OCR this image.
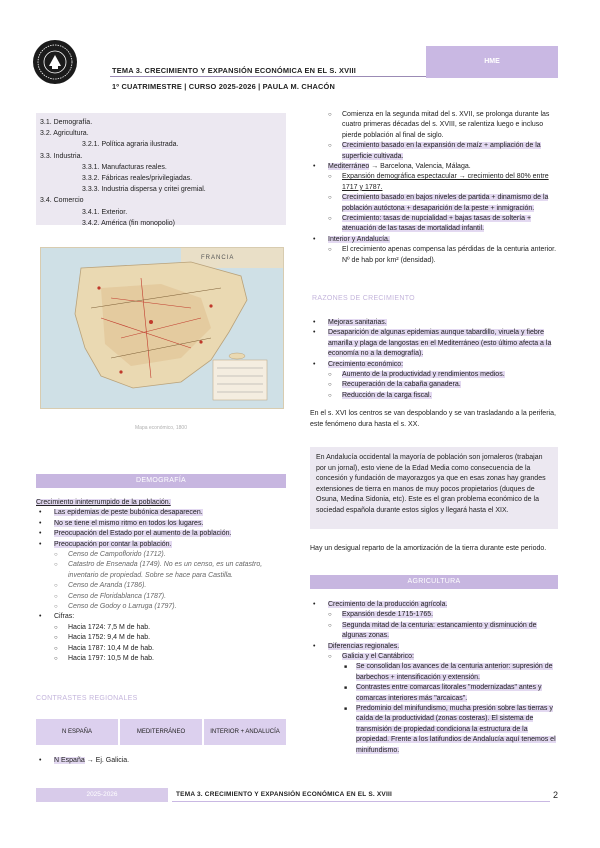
TEMA 3. CRECIMIENTO Y EXPANSIÓN ECONÓMICA EN EL S. XVIII
1º CUATRIMESTRE | CURSO 2025-2026 | PAULA M. CHACÓN
HME
3.1. Demografía.
3.2. Agricultura.
3.2.1. Política agraria ilustrada.
3.3. Industria.
3.3.1. Manufacturas reales.
3.3.2. Fábricas reales/privilegiadas.
3.3.3. Industria dispersa y critei gremial.
3.4. Comercio
3.4.1. Exterior.
3.4.2. América (fin monopolio)
FRANCIA
Mapa económico, 1800
DEMOGRAFÍA

Crecimiento ininterrumpido de la población.

• Las epidemias de peste bubónica desaparecen.
• No se tiene el mismo ritmo en todos los lugares.
• Preocupación del Estado por el aumento de la población.
• Preocupación por contar la población.
○ Censo de Campoflorido (1712).
○ Catastro de Ensenada (1749). No es un censo, es un catastro, inventario de propiedad. Sobre se hace para Castilla.
○ Censo de Aranda (1786).
○ Censo de Floridablanca (1787).
○ Censo de Godoy o Larruga (1797).
• Cifras:
○ Hacia 1724: 7,5 M de hab.
○ Hacia 1752: 9,4 M de hab.
○ Hacia 1787: 10,4 M de hab.
○ Hacia 1797: 10,5 M de hab.
CONTRASTES REGIONALES
N ESPAÑA	MEDITERRÁNEO	INTERIOR + ANDALUCÍA
• N España → Ej. Galicia.
○ Comienza en la segunda mitad del s. XVII, se prolonga durante las cuatro primeras décadas del s. XVIII, se ralentiza luego e incluso pierde población al final de siglo.
○ Crecimiento basado en la expansión de maíz + ampliación de la superficie cultivada.
• Mediterráneo → Barcelona, Valencia, Málaga.
○ Expansión demográfica espectacular → crecimiento del 80% entre 1717 y 1787.
○ Crecimiento basado en bajos niveles de partida + dinamismo de la población autóctona + desaparición de la peste + inmigración.
○ Crecimiento: tasas de nupcialidad + bajas tasas de soltería + atenuación de las tasas de mortalidad infantil.
• Interior y Andalucía.
○ El crecimiento apenas compensa las pérdidas de la centuria anterior. Nº de hab por km² (densidad).
RAZONES DE CRECIMIENTO
• Mejoras sanitarias.
• Desaparición de algunas epidemias aunque tabardillo, viruela y fiebre amarilla y plaga de langostas en el Mediterráneo (esto último afecta a la economía no a la demografía).
• Crecimiento económico:
○ Aumento de la productividad y rendimientos medios.
○ Recuperación de la cabaña ganadera.
○ Reducción de la carga fiscal.

En el s. XVI los centros se van despoblando y se van trasladando a la periferia, este fenómeno dura hasta el s. XX.

En Andalucía occidental la mayoría de población son jornaleros (trabajan por un jornal), esto viene de la Edad Media como consecuencia de la concesión y fundación de mayorazgos ya que en esas zonas hay grandes extensiones de tierra en manos de muy pocos propietarios (duques de Osuna, Medina Sidonia, etc). Este es el gran problema económico de la sociedad española durante estos siglos y llegará hasta el XIX.

Hay un desigual reparto de la amortización de la tierra durante este periodo.

AGRICULTURA
• Crecimiento de la producción agrícola.
○ Expansión desde 1715-1765.
○ Segunda mitad de la centuria: estancamiento y disminución de algunas zonas.
• Diferencias regionales.
○ Galicia y el Cantábrico:
■ Se consolidan los avances de la centuria anterior: supresión de barbechos + intensificación y extensión.
■ Contrastes entre comarcas litorales "modernizadas" antes y comarcas interiores más "arcaicas".
■ Predominio del minifundismo, mucha presión sobre las tierras y caída de la productividad (zonas costeras). El sistema de transmisión de propiedad condiciona la estructura de la propiedad. Frente a los latifundios de Andalucía aquí tenemos el minifundismo.
2025-2026	TEMA 3. CRECIMIENTO Y EXPANSIÓN ECONÓMICA EN EL S. XVIII	2
